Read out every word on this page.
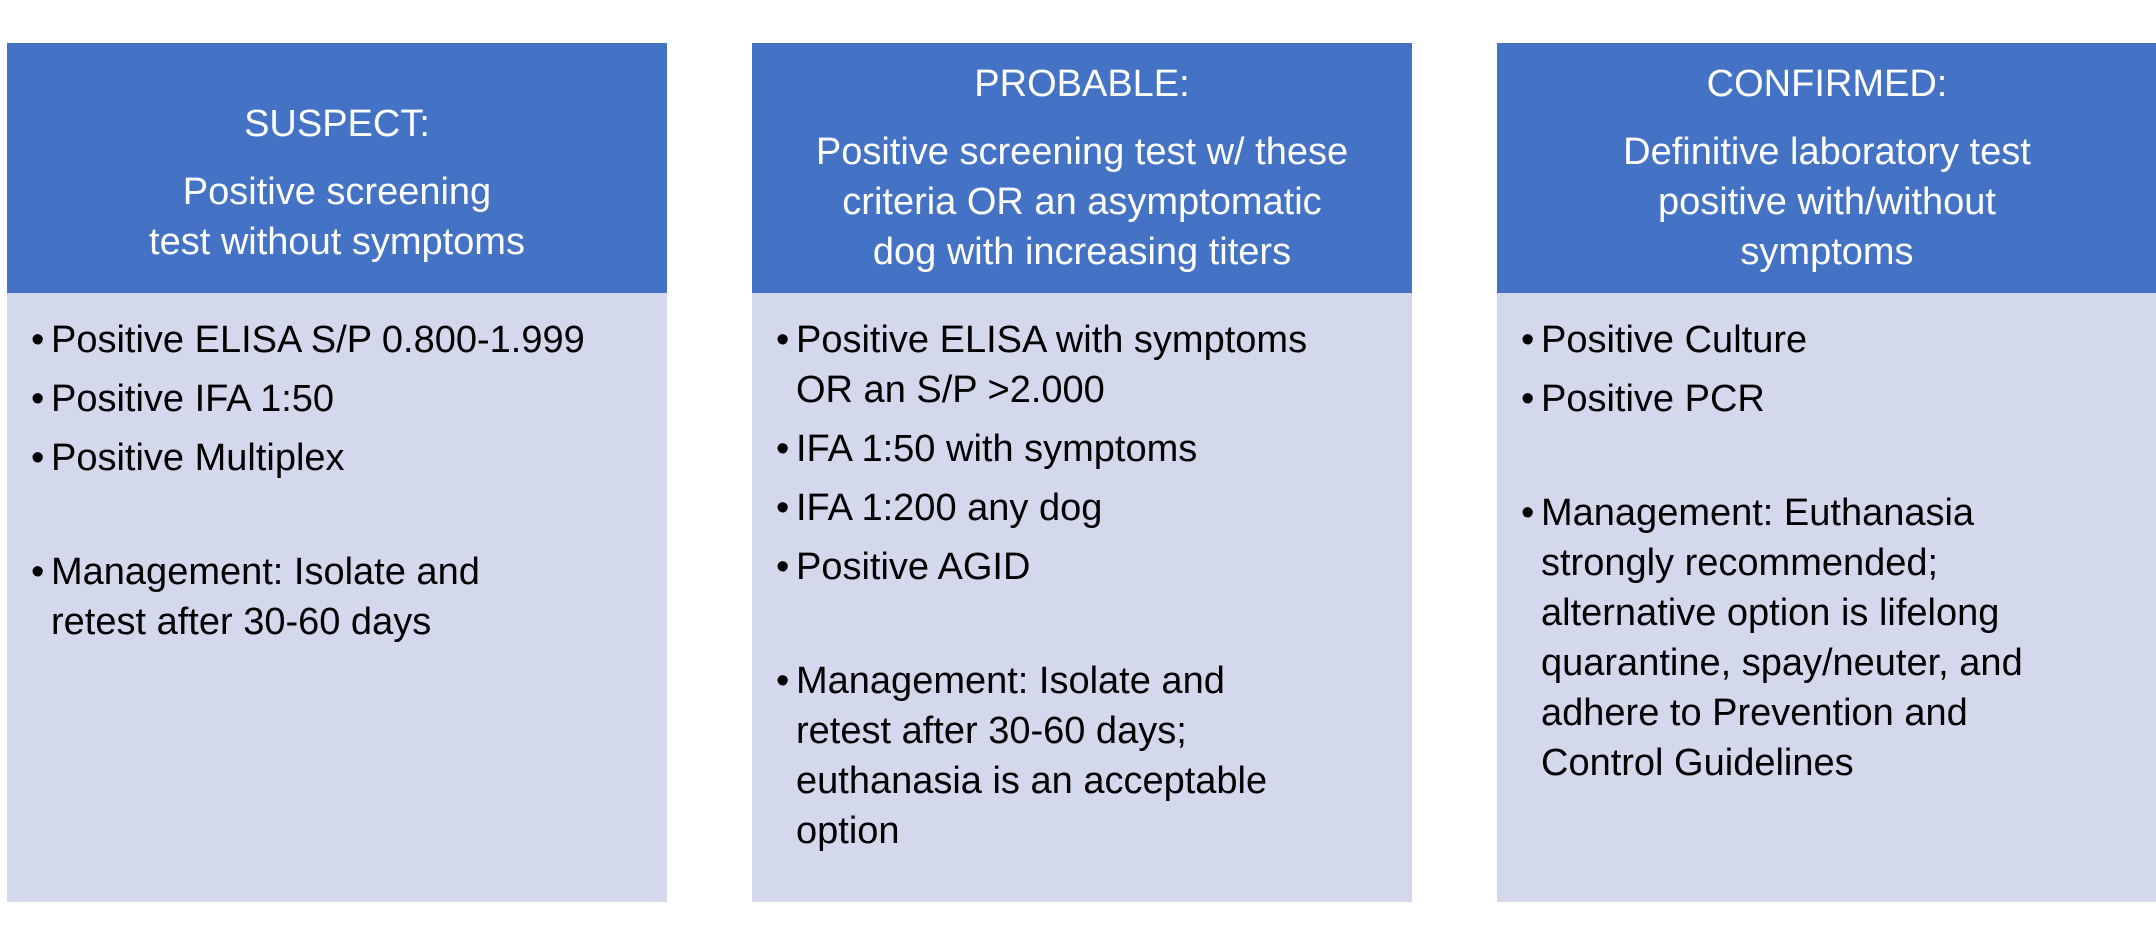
SUSPECT:
Positive screening
test without symptoms
• Positive ELISA S/P 0.800-1.999
• Positive IFA 1:50
• Positive Multiplex
• Management: Isolate and
retest after 30-60 days
PROBABLE:
Positive screening test w/ these
criteria OR an asymptomatic
dog with increasing titers
• Positive ELISA with symptoms
OR an S/P >2.000
• IFA 1:50 with symptoms
• IFA 1:200 any dog
• Positive AGID
• Management: Isolate and
retest after 30-60 days;
euthanasia is an acceptable
option
CONFIRMED:
Definitive laboratory test
positive with/without
symptoms
• Positive Culture
• Positive PCR
• Management: Euthanasia
strongly recommended;
alternative option is lifelong
quarantine, spay/neuter, and
adhere to Prevention and
Control Guidelines
